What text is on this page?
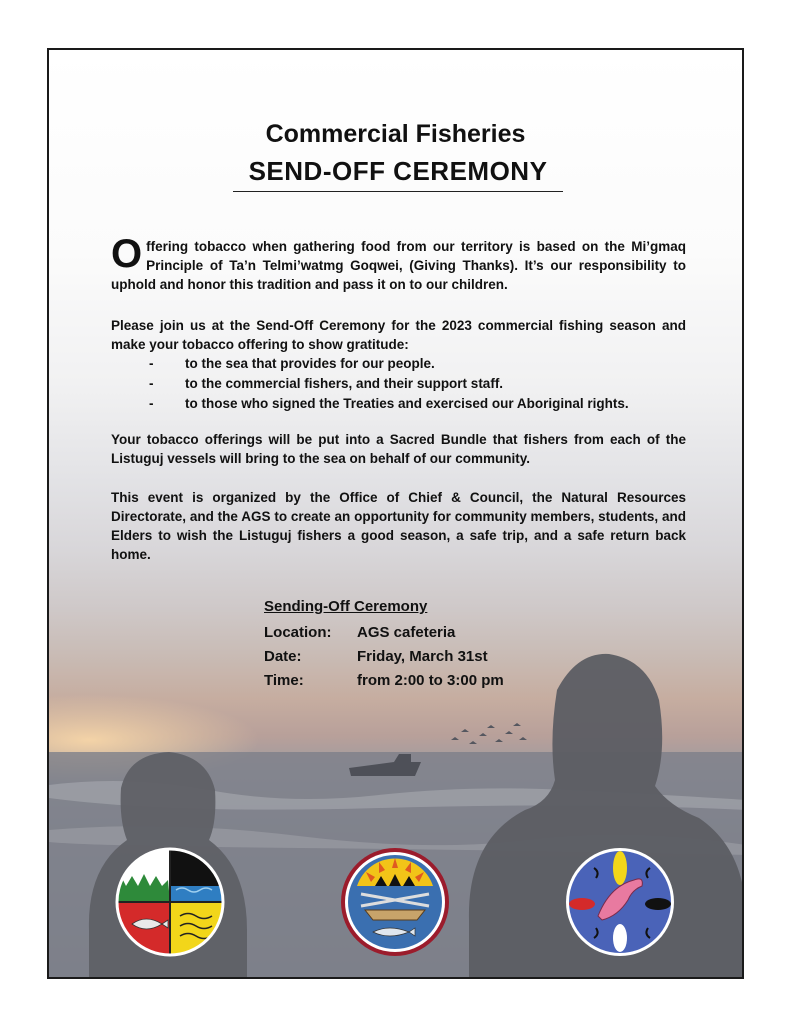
Commercial Fisheries
SEND-OFF CEREMONY

Offering tobacco when gathering food from our territory is based on the Mi’gmaq Principle of Ta’n Telmi’watmg Goqwei, (Giving Thanks). It’s our responsibility to uphold and honor this tradition and pass it on to our children.

Please join us at the Send-Off Ceremony for the 2023 commercial fishing season and make your tobacco offering to show gratitude:

-	to the sea that provides for our people.
-	to the commercial fishers, and their support staff.
-	to those who signed the Treaties and exercised our Aboriginal rights.

Your tobacco offerings will be put into a Sacred Bundle that fishers from each of the Listuguj vessels will bring to the sea on behalf of our community.

This event is organized by the Office of Chief & Council, the Natural Resources Directorate, and the AGS to create an opportunity for community members, students, and Elders to wish the Listuguj fishers a good season, a safe trip, and a safe return back home.

Sending-Off Ceremony
Location:	AGS cafeteria
Date:	Friday, March 31st
Time:	from 2:00 to 3:00 pm
